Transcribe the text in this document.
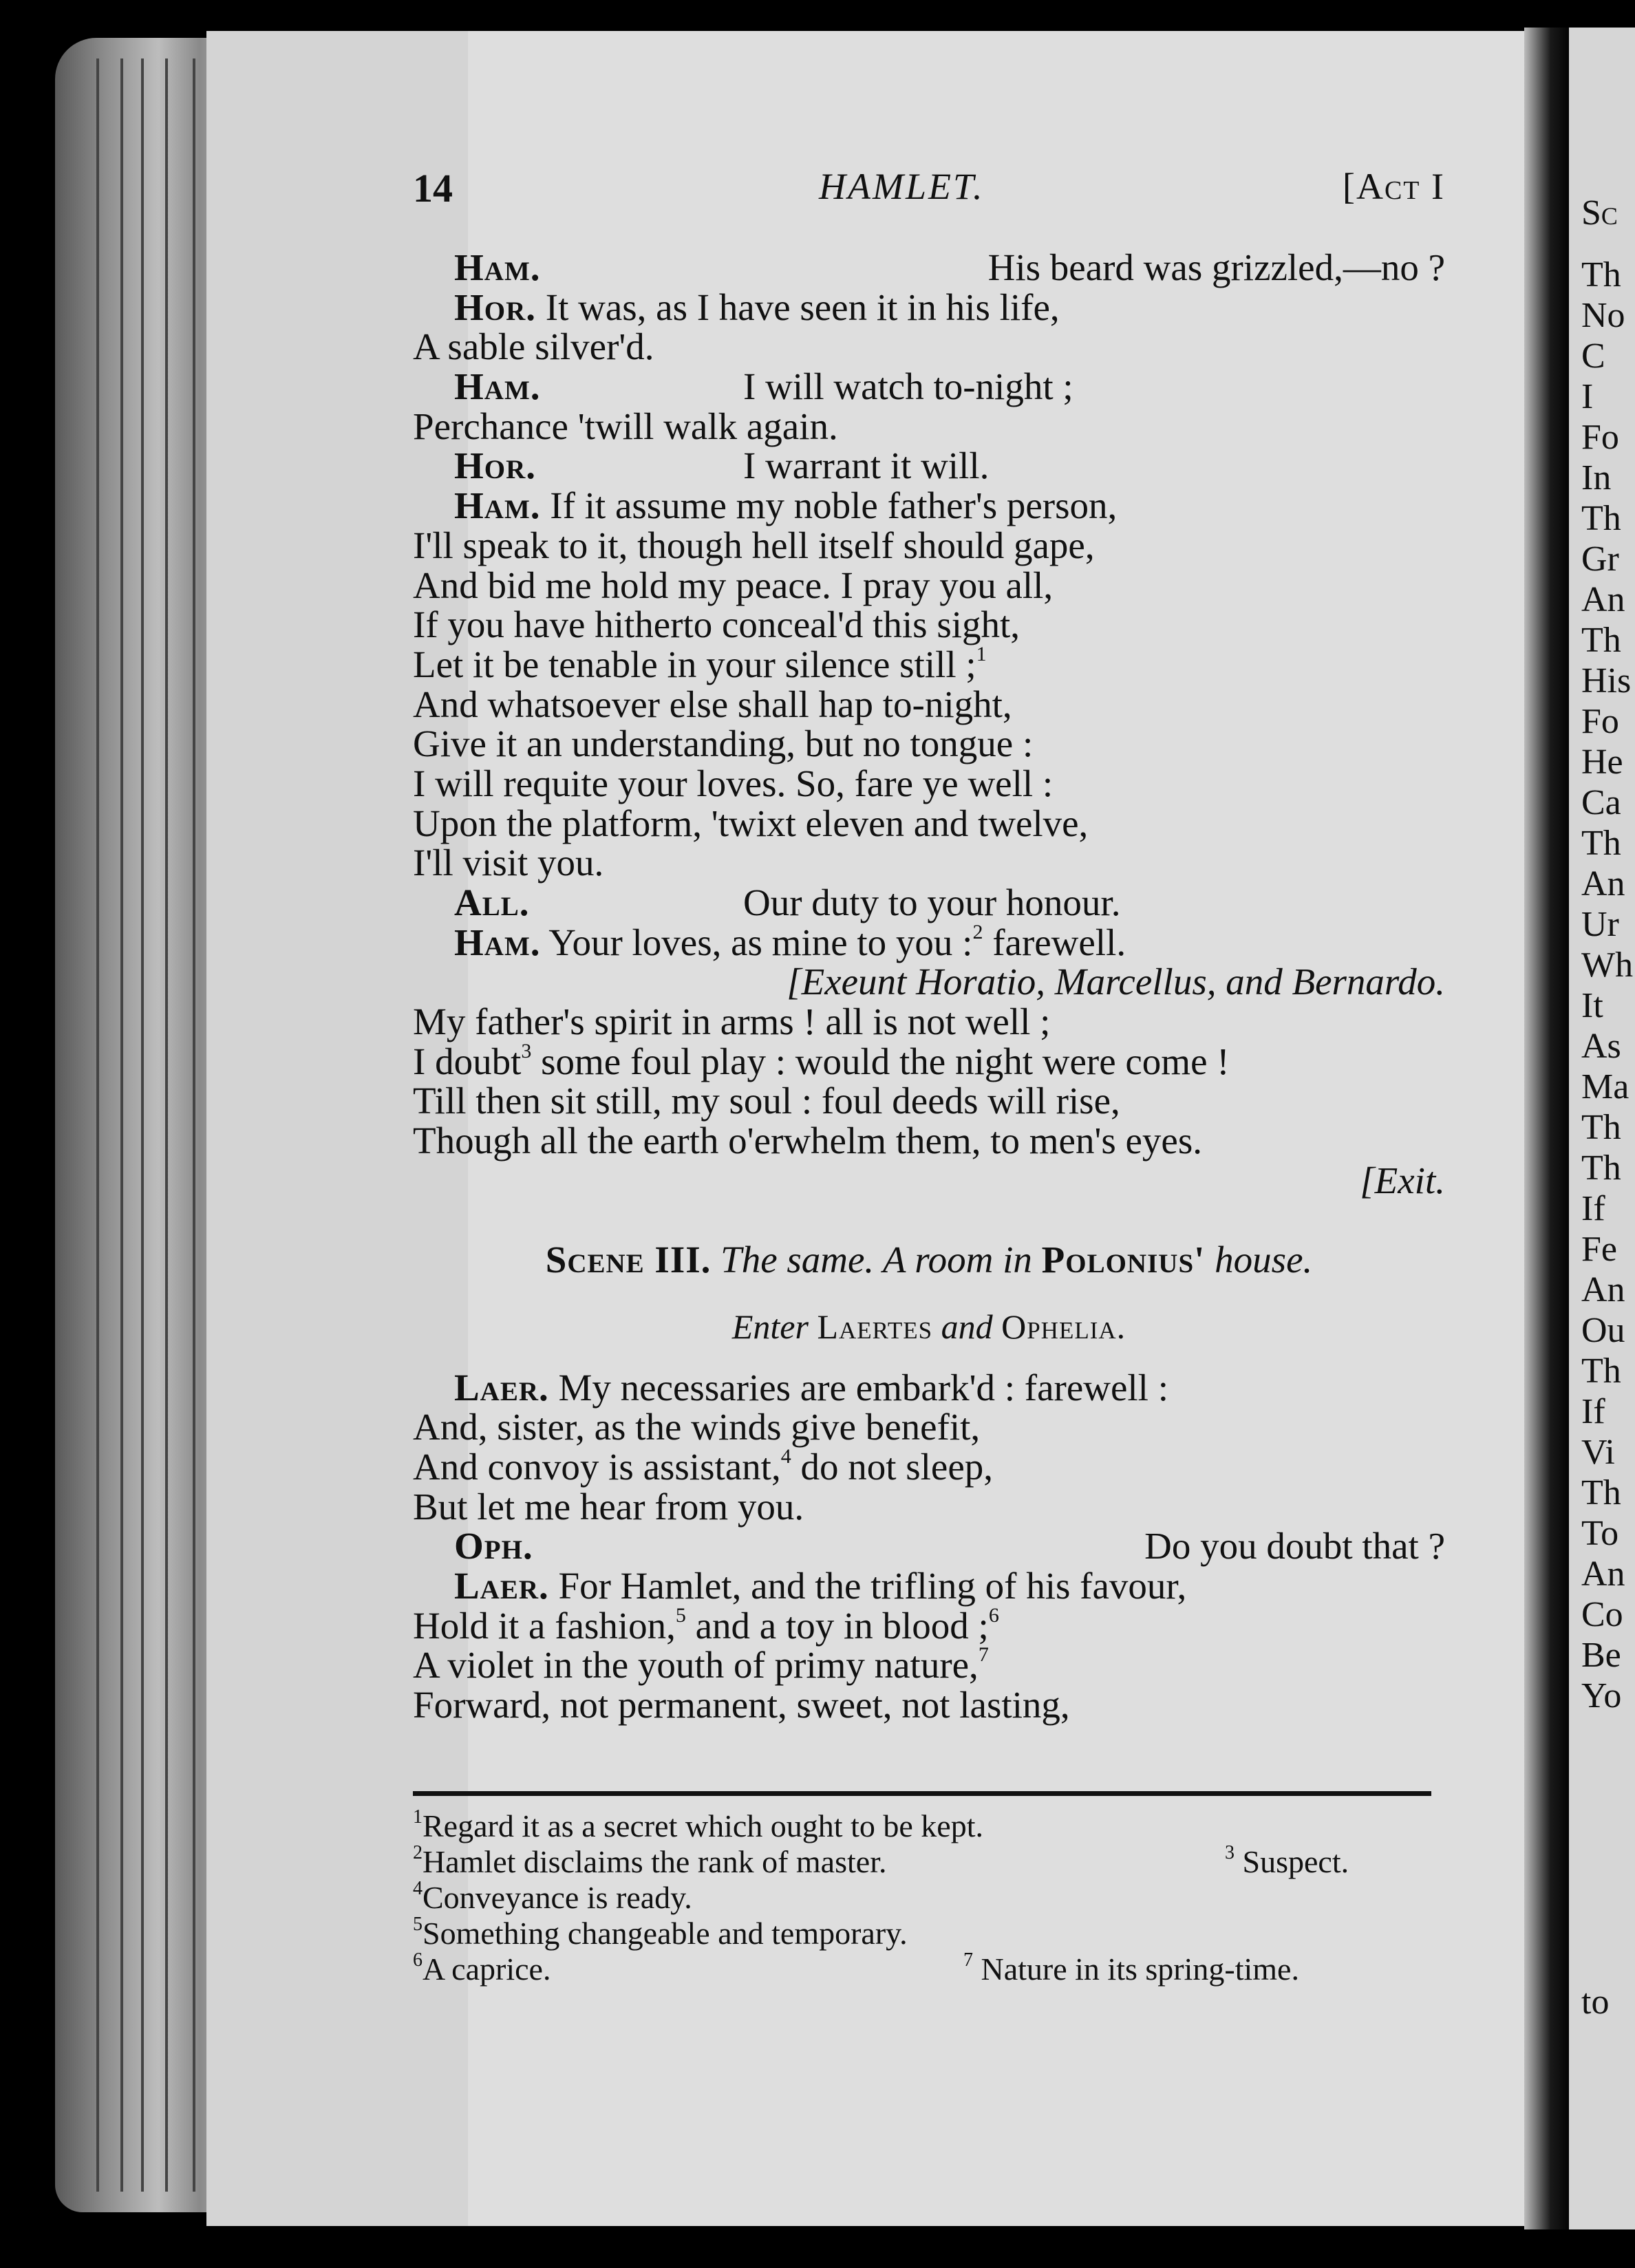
Sc
Th
No
C
I
Fo
In
Th
Gr
An
Th
His
Fo
He
Ca
Th
An
Ur
Wh
It
As
Ma
Th
Th
If
Fe
An
Ou
Th
If
Vi
Th
To
An
Co
Be
Yo
to
14	HAMLET.	[Act I
Ham.	His beard was grizzled,—no ?
Hor. It was, as I have seen it in his life,
A sable silver'd.
Ham.	I will watch to-night ;
Perchance 'twill walk again.
Hor.	I warrant it will.
Ham. If it assume my noble father's person,
I'll speak to it, though hell itself should gape,
And bid me hold my peace. I pray you all,
If you have hitherto conceal'd this sight,
Let it be tenable in your silence still ;$^1$
And whatsoever else shall hap to-night,
Give it an understanding, but no tongue :
I will requite your loves. So, fare ye well :
Upon the platform, 'twixt eleven and twelve,
I'll visit you.
All.	Our duty to your honour.
Ham. Your loves, as mine to you :$^2$ farewell.
[Exeunt Horatio, Marcellus, and Bernardo.
My father's spirit in arms ! all is not well ;
I doubt$^3$ some foul play : would the night were come !
Till then sit still, my soul : foul deeds will rise,
Though all the earth o'erwhelm them, to men's eyes.
[Exit.
Scene III. The same. A room in Polonius' house.
Enter Laertes and Ophelia.
Laer. My necessaries are embark'd : farewell :
And, sister, as the winds give benefit,
And convoy is assistant,$^4$ do not sleep,
But let me hear from you.
Oph.	Do you doubt that ?
Laer. For Hamlet, and the trifling of his favour,
Hold it a fashion,$^5$ and a toy in blood ;$^6$
A violet in the youth of primy nature,$^7$
Forward, not permanent, sweet, not lasting,
$^1$Regard it as a secret which ought to be kept.
$^2$Hamlet disclaims the rank of master.	$^3$ Suspect.
$^4$Conveyance is ready.
$^5$Something changeable and temporary.
$^6$A caprice.	$^7$ Nature in its spring-time.
